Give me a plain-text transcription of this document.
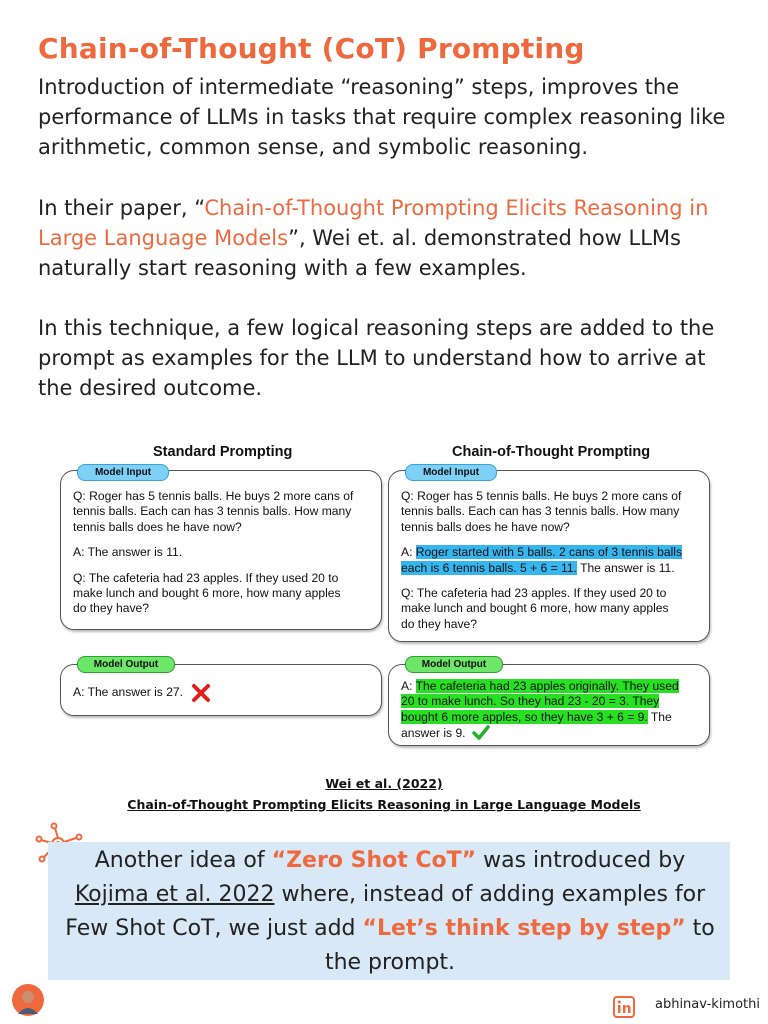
Chain-of-Thought (CoT) Prompting
Introduction of intermediate “reasoning” steps, improves the performance of LLMs in tasks that require complex reasoning like arithmetic, common sense, and symbolic reasoning.
In their paper, “Chain-of-Thought Prompting Elicits Reasoning in Large Language Models”, Wei et. al. demonstrated how LLMs naturally start reasoning with a few examples.
In this technique, a few logical reasoning steps are added to the prompt as examples for the LLM to understand how to arrive at the desired outcome.
Standard Prompting	Chain-of-Thought Prompting
Q: Roger has 5 tennis balls. He buys 2 more cans of
tennis balls. Each can has 3 tennis balls. How many
tennis balls does he have now?
A: The answer is 11.
Q: The cafeteria had 23 apples. If they used 20 to
make lunch and bought 6 more, how many apples
do they have?
Model Input
Q: Roger has 5 tennis balls. He buys 2 more cans of
tennis balls. Each can has 3 tennis balls. How many
tennis balls does he have now?
A: Roger started with 5 balls. 2 cans of 3 tennis balls
each is 6 tennis balls. 5 + 6 = 11. The answer is 11.
Q: The cafeteria had 23 apples. If they used 20 to
make lunch and bought 6 more, how many apples
do they have?
Model Input
A: The answer is 27.
Model Output
A: The cafeteria had 23 apples originally. They used
20 to make lunch. So they had 23 - 20 = 3. They
bought 6 more apples, so they have 3 + 6 = 9. The
answer is 9.
Model Output
Wei et al. (2022)
Chain-of-Thought Prompting Elicits Reasoning in Large Language Models
Another idea of “Zero Shot CoT” was introduced by Kojima et al. 2022 where, instead of adding examples for Few Shot CoT, we just add “Let’s think step by step” to the prompt.
abhinav-kimothi
